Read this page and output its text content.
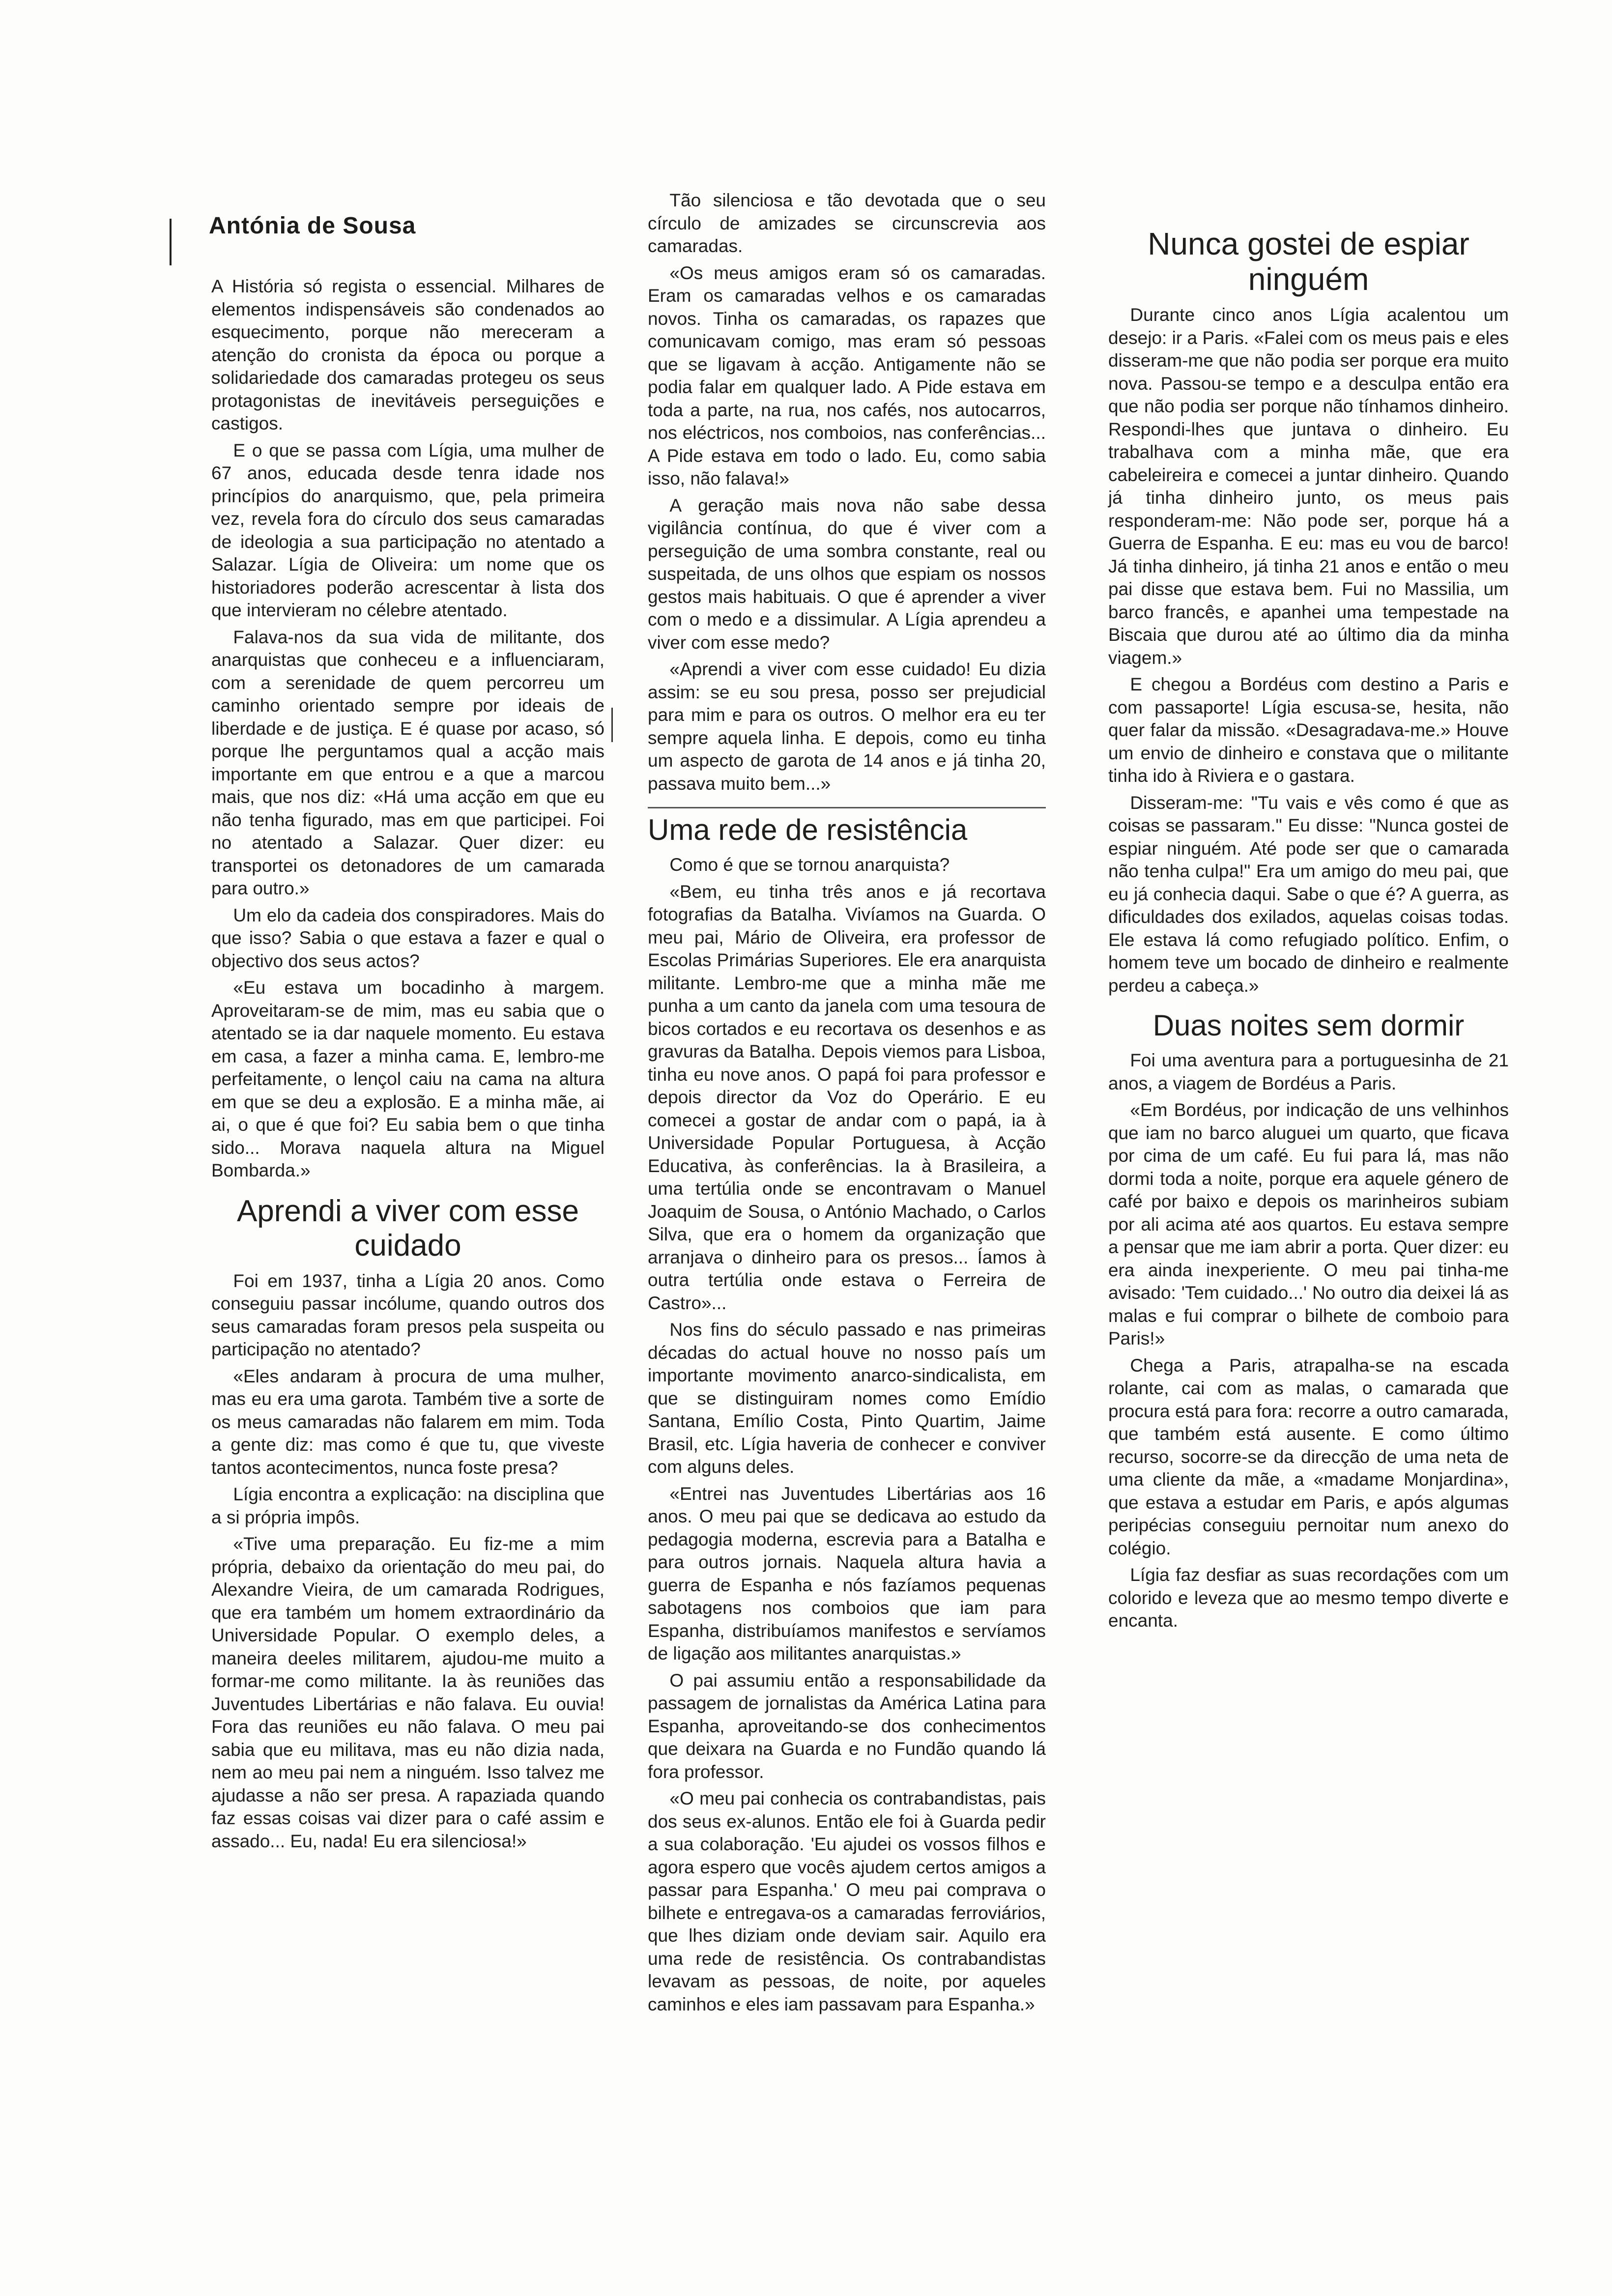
Antónia de Sousa

A História só regista o essencial. Milhares de elementos indispensáveis são condenados ao esquecimento, porque não mereceram a atenção do cronista da época ou porque a solidariedade dos camaradas protegeu os seus protagonistas de inevitáveis perseguições e castigos.

E o que se passa com Lígia, uma mulher de 67 anos, educada desde tenra idade nos princípios do anarquismo, que, pela primeira vez, revela fora do círculo dos seus camaradas de ideologia a sua participação no atentado a Salazar. Lígia de Oliveira: um nome que os historiadores poderão acrescentar à lista dos que intervieram no célebre atentado.

Falava-nos da sua vida de militante, dos anarquistas que conheceu e a influenciaram, com a serenidade de quem percorreu um caminho orientado sempre por ideais de liberdade e de justiça. E é quase por acaso, só porque lhe perguntamos qual a acção mais importante em que entrou e a que a marcou mais, que nos diz: «Há uma acção em que eu não tenha figurado, mas em que participei. Foi no atentado a Salazar. Quer dizer: eu transportei os detonadores de um camarada para outro.»

Um elo da cadeia dos conspiradores. Mais do que isso? Sabia o que estava a fazer e qual o objectivo dos seus actos?

«Eu estava um bocadinho à margem. Aproveitaram-se de mim, mas eu sabia que o atentado se ia dar naquele momento. Eu estava em casa, a fazer a minha cama. E, lembro-me perfeitamente, o lençol caiu na cama na altura em que se deu a explosão. E a minha mãe, ai ai, o que é que foi? Eu sabia bem o que tinha sido... Morava naquela altura na Miguel Bombarda.»

Aprendi a viver com esse cuidado

Foi em 1937, tinha a Lígia 20 anos. Como conseguiu passar incólume, quando outros dos seus camaradas foram presos pela suspeita ou participação no atentado?

«Eles andaram à procura de uma mulher, mas eu era uma garota. Também tive a sorte de os meus camaradas não falarem em mim. Toda a gente diz: mas como é que tu, que viveste tantos acontecimentos, nunca foste presa?

Lígia encontra a explicação: na disciplina que a si própria impôs.

«Tive uma preparação. Eu fiz-me a mim própria, debaixo da orientação do meu pai, do Alexandre Vieira, de um camarada Rodrigues, que era também um homem extraordinário da Universidade Popular. O exemplo deles, a maneira deeles militarem, ajudou-me muito a formar-me como militante. Ia às reuniões das Juventudes Libertárias e não falava. Eu ouvia! Fora das reuniões eu não falava. O meu pai sabia que eu militava, mas eu não dizia nada, nem ao meu pai nem a ninguém. Isso talvez me ajudasse a não ser presa. A rapaziada quando faz essas coisas vai dizer para o café assim e assado... Eu, nada! Eu era silenciosa!»

Tão silenciosa e tão devotada que o seu círculo de amizades se circunscrevia aos camaradas.

«Os meus amigos eram só os camaradas. Eram os camaradas velhos e os camaradas novos. Tinha os camaradas, os rapazes que comunicavam comigo, mas eram só pessoas que se ligavam à acção. Antigamente não se podia falar em qualquer lado. A Pide estava em toda a parte, na rua, nos cafés, nos autocarros, nos eléctricos, nos comboios, nas conferências... A Pide estava em todo o lado. Eu, como sabia isso, não falava!»

A geração mais nova não sabe dessa vigilância contínua, do que é viver com a perseguição de uma sombra constante, real ou suspeitada, de uns olhos que espiam os nossos gestos mais habituais. O que é aprender a viver com o medo e a dissimular. A Lígia aprendeu a viver com esse medo?

«Aprendi a viver com esse cuidado! Eu dizia assim: se eu sou presa, posso ser prejudicial para mim e para os outros. O melhor era eu ter sempre aquela linha. E depois, como eu tinha um aspecto de garota de 14 anos e já tinha 20, passava muito bem...»

Uma rede de resistência

Como é que se tornou anarquista?

«Bem, eu tinha três anos e já recortava fotografias da Batalha. Vivíamos na Guarda. O meu pai, Mário de Oliveira, era professor de Escolas Primárias Superiores. Ele era anarquista militante. Lembro-me que a minha mãe me punha a um canto da janela com uma tesoura de bicos cortados e eu recortava os desenhos e as gravuras da Batalha. Depois viemos para Lisboa, tinha eu nove anos. O papá foi para professor e depois director da Voz do Operário. E eu comecei a gostar de andar com o papá, ia à Universidade Popular Portuguesa, à Acção Educativa, às conferências. Ia à Brasileira, a uma tertúlia onde se encontravam o Manuel Joaquim de Sousa, o António Machado, o Carlos Silva, que era o homem da organização que arranjava o dinheiro para os presos... Íamos à outra tertúlia onde estava o Ferreira de Castro»...

Nos fins do século passado e nas primeiras décadas do actual houve no nosso país um importante movimento anarco-sindicalista, em que se distinguiram nomes como Emídio Santana, Emílio Costa, Pinto Quartim, Jaime Brasil, etc. Lígia haveria de conhecer e conviver com alguns deles.

«Entrei nas Juventudes Libertárias aos 16 anos. O meu pai que se dedicava ao estudo da pedagogia moderna, escrevia para a Batalha e para outros jornais. Naquela altura havia a guerra de Espanha e nós fazíamos pequenas sabotagens nos comboios que iam para Espanha, distribuíamos manifestos e servíamos de ligação aos militantes anarquistas.»

O pai assumiu então a responsabilidade da passagem de jornalistas da América Latina para Espanha, aproveitando-se dos conhecimentos que deixara na Guarda e no Fundão quando lá fora professor.

«O meu pai conhecia os contrabandistas, pais dos seus ex-alunos. Então ele foi à Guarda pedir a sua colaboração. 'Eu ajudei os vossos filhos e agora espero que vocês ajudem certos amigos a passar para Espanha.' O meu pai comprava o bilhete e entregava-os a camaradas ferroviários, que lhes diziam onde deviam sair. Aquilo era uma rede de resistência. Os contrabandistas levavam as pessoas, de noite, por aqueles caminhos e eles iam passavam para Espanha.»

Nunca gostei de espiar ninguém

Durante cinco anos Lígia acalentou um desejo: ir a Paris. «Falei com os meus pais e eles disseram-me que não podia ser porque era muito nova. Passou-se tempo e a desculpa então era que não podia ser porque não tínhamos dinheiro. Respondi-lhes que juntava o dinheiro. Eu trabalhava com a minha mãe, que era cabeleireira e comecei a juntar dinheiro. Quando já tinha dinheiro junto, os meus pais responderam-me: Não pode ser, porque há a Guerra de Espanha. E eu: mas eu vou de barco! Já tinha dinheiro, já tinha 21 anos e então o meu pai disse que estava bem. Fui no Massilia, um barco francês, e apanhei uma tempestade na Biscaia que durou até ao último dia da minha viagem.»

E chegou a Bordéus com destino a Paris e com passaporte! Lígia escusa-se, hesita, não quer falar da missão. «Desagradava-me.» Houve um envio de dinheiro e constava que o militante tinha ido à Riviera e o gastara.

Disseram-me: "Tu vais e vês como é que as coisas se passaram." Eu disse: "Nunca gostei de espiar ninguém. Até pode ser que o camarada não tenha culpa!" Era um amigo do meu pai, que eu já conhecia daqui. Sabe o que é? A guerra, as dificuldades dos exilados, aquelas coisas todas. Ele estava lá como refugiado político. Enfim, o homem teve um bocado de dinheiro e realmente perdeu a cabeça.»

Duas noites sem dormir

Foi uma aventura para a portuguesinha de 21 anos, a viagem de Bordéus a Paris.

«Em Bordéus, por indicação de uns velhinhos que iam no barco aluguei um quarto, que ficava por cima de um café. Eu fui para lá, mas não dormi toda a noite, porque era aquele género de café por baixo e depois os marinheiros subiam por ali acima até aos quartos. Eu estava sempre a pensar que me iam abrir a porta. Quer dizer: eu era ainda inexperiente. O meu pai tinha-me avisado: 'Tem cuidado...' No outro dia deixei lá as malas e fui comprar o bilhete de comboio para Paris!»

Chega a Paris, atrapalha-se na escada rolante, cai com as malas, o camarada que procura está para fora: recorre a outro camarada, que também está ausente. E como último recurso, socorre-se da direcção de uma neta de uma cliente da mãe, a «madame Monjardina», que estava a estudar em Paris, e após algumas peripécias conseguiu pernoitar num anexo do colégio.

Lígia faz desfiar as suas recordações com um colorido e leveza que ao mesmo tempo diverte e encanta.
